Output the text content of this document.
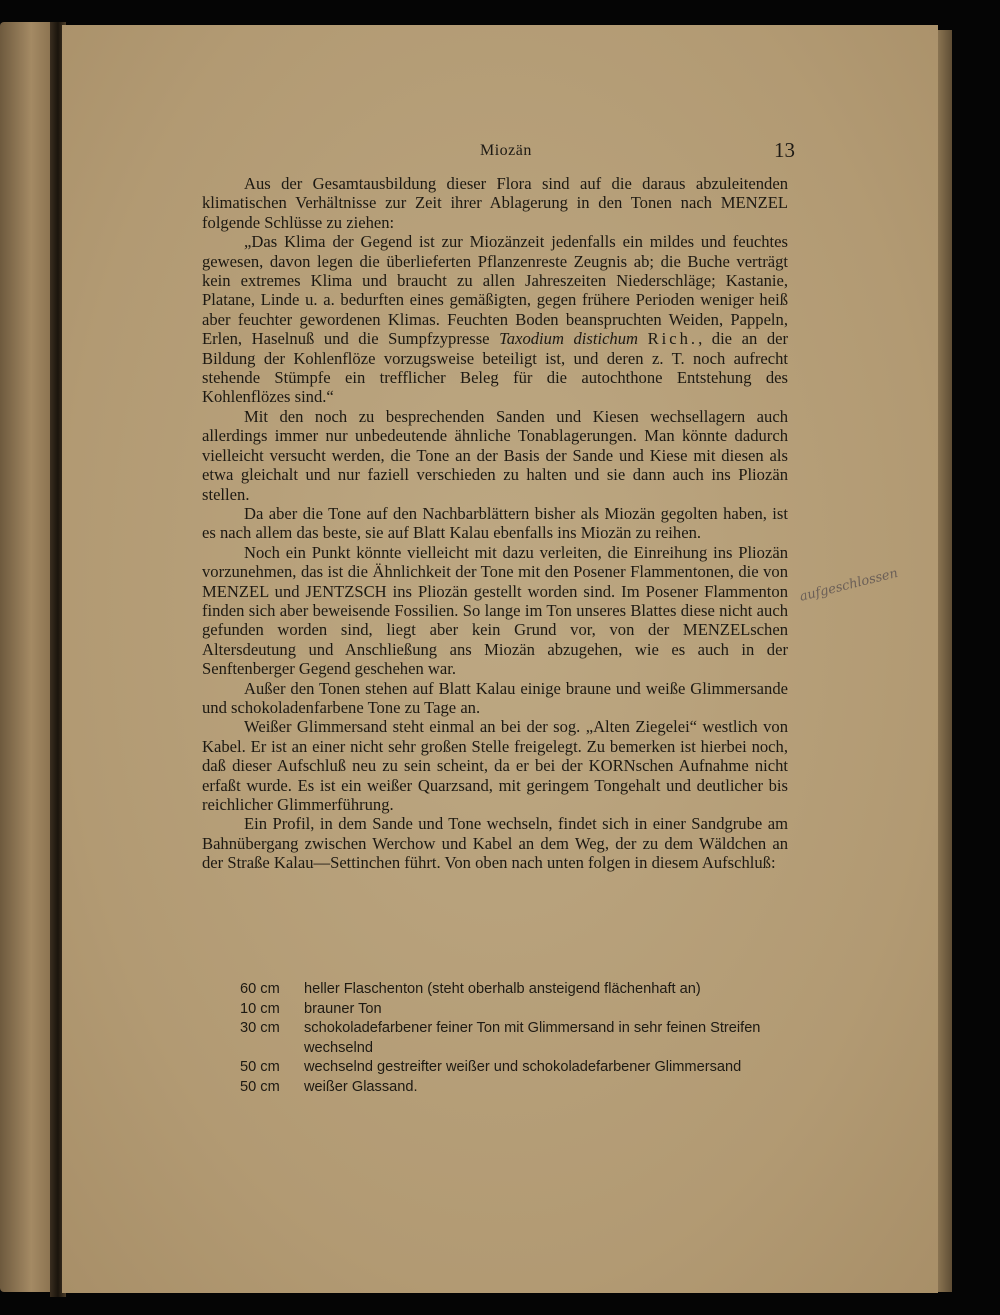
Miozän	13

Aus der Gesamtausbildung dieser Flora sind auf die daraus abzuleitenden klimatischen Verhältnisse zur Zeit ihrer Ablagerung in den Tonen nach MENZEL folgende Schlüsse zu ziehen:

„Das Klima der Gegend ist zur Miozänzeit jedenfalls ein mildes und feuchtes gewesen, davon legen die überlieferten Pflanzenreste Zeugnis ab; die Buche verträgt kein extremes Klima und braucht zu allen Jahreszeiten Niederschläge; Kastanie, Platane, Linde u. a. bedurften eines gemäßigten, gegen frühere Perioden weniger heiß aber feuchter gewordenen Klimas. Feuchten Boden beanspruchten Weiden, Pappeln, Erlen, Haselnuß und die Sumpfzypresse Taxodium distichum Rich., die an der Bildung der Kohlenflöze vorzugsweise beteiligt ist, und deren z. T. noch aufrecht stehende Stümpfe ein trefflicher Beleg für die autochthone Entstehung des Kohlenflözes sind.“

Mit den noch zu besprechenden Sanden und Kiesen wechsellagern auch allerdings immer nur unbedeutende ähnliche Tonablagerungen. Man könnte dadurch vielleicht versucht werden, die Tone an der Basis der Sande und Kiese mit diesen als etwa gleichalt und nur faziell verschieden zu halten und sie dann auch ins Pliozän stellen.

Da aber die Tone auf den Nachbarblättern bisher als Miozän gegolten haben, ist es nach allem das beste, sie auf Blatt Kalau ebenfalls ins Miozän zu reihen.

Noch ein Punkt könnte vielleicht mit dazu verleiten, die Einreihung ins Pliozän vorzunehmen, das ist die Ähnlichkeit der Tone mit den Posener Flammentonen, die von MENZEL und JENTZSCH ins Pliozän gestellt worden sind. Im Posener Flammenton finden sich aber beweisende Fossilien. So lange im Ton unseres Blattes diese nicht auch gefunden worden sind, liegt aber kein Grund vor, von der MENZELschen Altersdeutung und Anschließung ans Miozän abzugehen, wie es auch in der Senftenberger Gegend geschehen war.

Außer den Tonen stehen auf Blatt Kalau einige braune und weiße Glimmersande und schokoladenfarbene Tone zu Tage an.

Weißer Glimmersand steht einmal an bei der sog. „Alten Ziegelei“ westlich von Kabel. Er ist an einer nicht sehr großen Stelle freigelegt. Zu bemerken ist hierbei noch, daß dieser Aufschluß neu zu sein scheint, da er bei der KORNschen Aufnahme nicht erfaßt wurde. Es ist ein weißer Quarzsand, mit geringem Tongehalt und deutlicher bis reichlicher Glimmerführung.

Ein Profil, in dem Sande und Tone wechseln, findet sich in einer Sandgrube am Bahnübergang zwischen Werchow und Kabel an dem Weg, der zu dem Wäldchen an der Straße Kalau—Settinchen führt. Von oben nach unten folgen in diesem Aufschluß:

60 cm	heller Flaschenton (steht oberhalb ansteigend flächenhaft an)
10 cm	brauner Ton
30 cm	schokoladefarbener feiner Ton mit Glimmersand in sehr feinen Streifen wechselnd
50 cm	wechselnd gestreifter weißer und schokoladefarbener Glimmersand
50 cm	weißer Glassand.
aufgeschlossen
